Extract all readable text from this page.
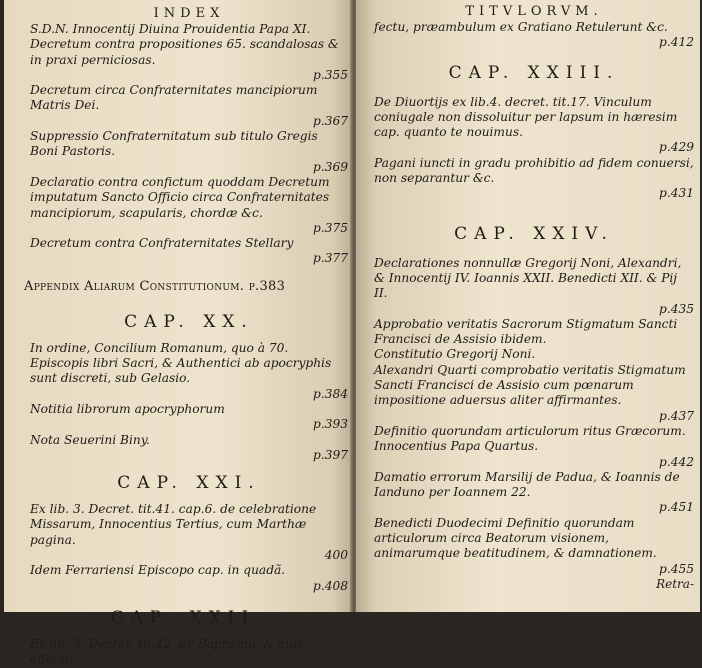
INDEX
S.D.N. Innocentij Diuina Prouidentia Papa XI. Decretum contra propositiones 65. scandalosas & in praxi perniciosas.
p.355
Decretum circa Confraternitates mancipiorum Matris Dei.
p.367
Suppressio Confraternitatum sub titulo Gregis Boni Pastoris.
p.369
Declaratio contra confictum quoddam Decretum imputatum Sancto Officio circa Confraternitates mancipiorum, scapularis, chordæ &c.
p.375
Decretum contra Confraternitates Stellary
p.377
Appendix Aliarum Constitutionum. p.383
CAP. XX.
In ordine, Concilium Romanum, quo à 70. Episcopis libri Sacri, & Authentici ab apocryphis sunt discreti, sub Gelasio.
p.384
Notitia librorum apocryphorum
p.393
Nota Seuerini Biny.
p.397
CAP. XXI.
Ex lib. 3. Decret. tit.41. cap.6. de celebratione Missarum, Innocentius Tertius, cum Marthæ pagina.
400
Idem Ferrariensi Episcopo cap. in quadã.
p.408
CAP. XXII.
Ex lib. 3. Decret. tit.42. de Baptismo, & eius effectu,
TITVLORVM.
fectu, præambulum ex Gratiano Retulerunt &c.
p.412
CAP. XXIII.
De Diuortijs ex lib.4. decret. tit.17. Vinculum coniugale non dissoluitur per lapsum in hæresim cap. quanto te nouimus.
p.429
Pagani iuncti in gradu prohibitio ad fidem conuersi, non separantur &c.
p.431
CAP. XXIV.
Declarationes nonnullæ Gregorij Noni, Alexandri, & Innocentij IV. Ioannis XXII. Benedicti XII. & Pij II.
p.435
Approbatio veritatis Sacrorum Stigmatum Sancti Francisci de Assisio ibidem.
Constitutio Gregorij Noni.
Alexandri Quarti comprobatio veritatis Stigmatum Sancti Francisci de Assisio cum pœnarum impositione aduersus aliter affirmantes.
p.437
Definitio quorundam articulorum ritus Græcorum.
Innocentius Papa Quartus.
p.442
Damatio errorum Marsilij de Padua, & Ioannis de Ianduno per Ioannem 22.
p.451
Benedicti Duodecimi Definitio quorundam articulorum circa Beatorum visionem, animarumque beatitudinem, & damnationem.
p.455
Retra-
